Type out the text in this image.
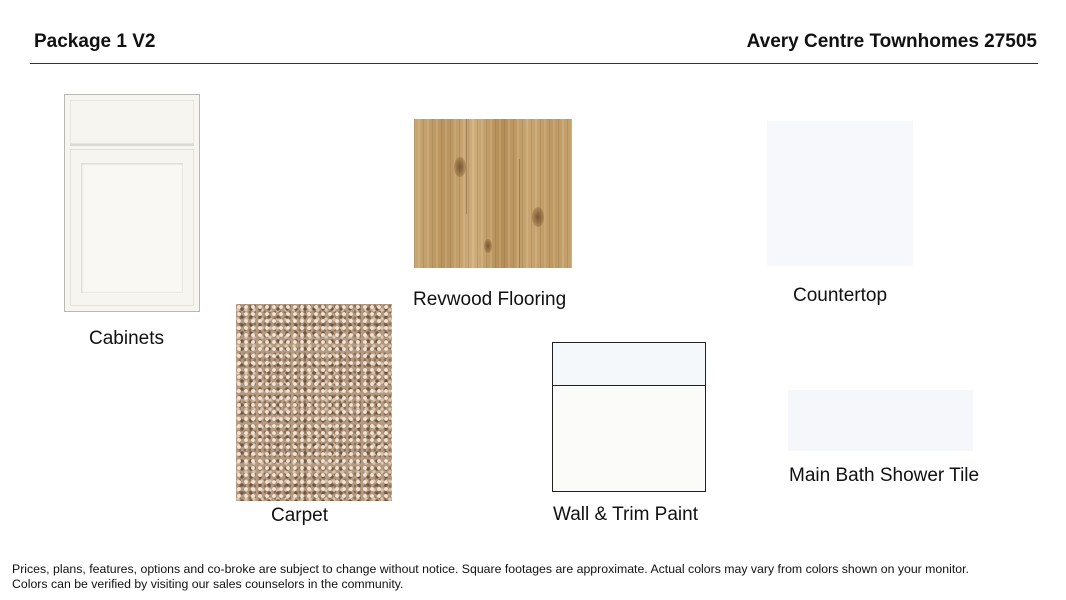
Package 1 V2	Avery Centre Townhomes 27505
Cabinets
Revwood Flooring	Countertop
Carpet	Wall & Trim Paint
Main Bath Shower Tile
Prices, plans, features, options and co-broke are subject to change without notice. Square footages are approximate. Actual colors may vary from colors shown on your monitor. Colors can be verified by visiting our sales counselors in the community.
